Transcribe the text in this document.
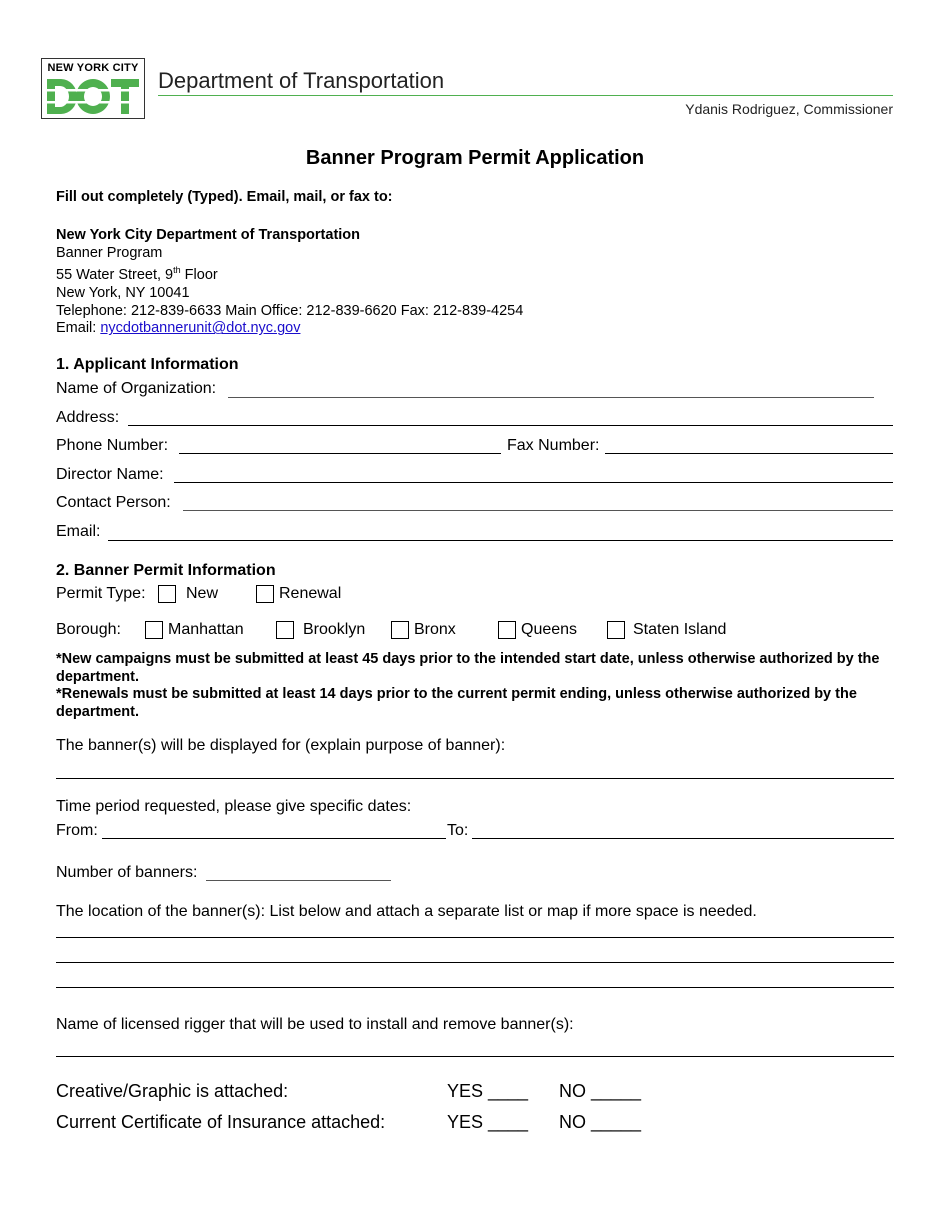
NEW YORK CITY Department of Transportation
Ydanis Rodriguez, Commissioner
Banner Program Permit Application
Fill out completely (Typed). Email, mail, or fax to:
New York City Department of Transportation
Banner Program
55 Water Street, 9th Floor
New York, NY 10041
Telephone: 212-839-6633 Main Office: 212-839-6620 Fax: 212-839-4254
Email: nycdotbannerunit@dot.nyc.gov
1. Applicant Information
Name of Organization:
Address:
Phone Number:	Fax Number:
Director Name:
Contact Person:
Email:
2. Banner Permit Information
Permit Type:	New	Renewal
Borough:	Manhattan	Brooklyn	Bronx	Queens	Staten Island
*New campaigns must be submitted at least 45 days prior to the intended start date, unless otherwise authorized by the department.
*Renewals must be submitted at least 14 days prior to the current permit ending, unless otherwise authorized by the department.
The banner(s) will be displayed for (explain purpose of banner):
Time period requested, please give specific dates:
From:	To:
Number of banners:
The location of the banner(s): List below and attach a separate list or map if more space is needed.
Name of licensed rigger that will be used to install and remove banner(s):
Creative/Graphic is attached:	YES ____ NO _____
Current Certificate of Insurance attached:	YES ____ NO _____
